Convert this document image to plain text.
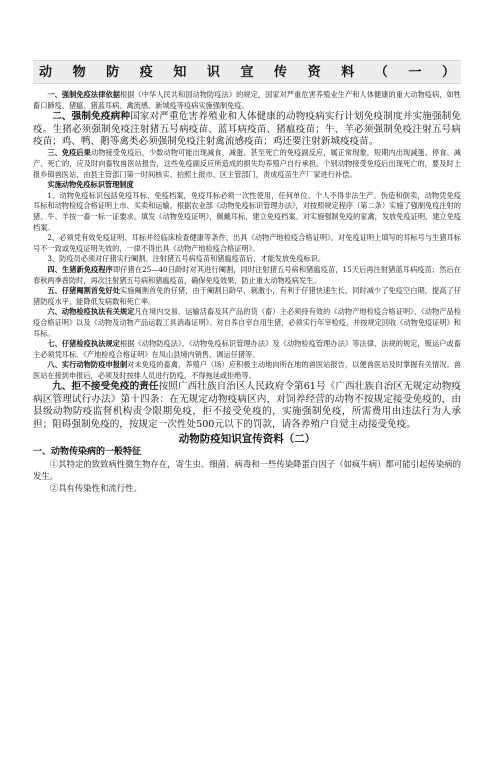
动 物 防 疫 知 识 宣 传 资 料 （ 一 ）

一、强制免疫法律依据根据《中华人民共和国动物防疫法》的规定，国家对严重危害养殖业生产和人体健康的重大动物疫病，如牲畜口蹄疫、猪瘟、猪蓝耳病、禽流感、新城疫等疫病实施强制免疫。

二、强制免疫病种国家对严重危害养殖业和人体健康的动物疫病实行计划免疫制度并实施强制免疫。生猪必须强制免疫注射猪五号病疫苗、蓝耳病疫苗、猪瘟疫苗；牛、羊必须强制免疫注射五号病疫苗；鸡、鸭、鹅等禽类必须强制免疫注射禽流感疫苗；鸡还要注射新城疫疫苗。

三、免疫后果动物接受免疫后，少数动物可能出现减食、减蛋、甚至死亡的免疫副反应，属正常现象，短期内出现减蛋、停食、减产、死亡的，应及时向畜牧兽医站报告，这些免疫副反应所造成的损失均养殖户自行承担。个别动物接受免疫后出现死亡的，要及时上报乡镇兽医站，由县主管部门第一时间核实、拍照上报市、区主管部门，责成疫苗生产厂家进行补偿。

实施动物免疫标识管理制度

1、动物免疫标识包括免疫耳标、免疫档案，免疫耳标必须一次性使用，任何单位、个人不得非法生产、伪造和倒卖，动物凭免疫耳标和动物检疫合格证明上市、买卖和运输。根据农业部《动物免疫标识管理办法》，对按照规定程序（第二条）实施了强制免疫注射的猪、牛、羊按一畜一标一证要求，填发《动物免疫证明》，佩戴耳标，建立免疫档案。对实施强制免疫的家禽，发放免疫证明，建立免疫档案。

2、必须凭有效免疫证明、耳标并经临床检查健康等条件，出具《动物产地检疫合格证明》。对免疫证明上填写的耳标号与生猪耳标号不一致或免疫证明失效的，一律不得出具《动物产地检疫合格证明》。

3、防疫员必须对仔猪实行阉割、注射猪五号病疫苗和猪瘟疫苗后，才能发放免疫标识。

四、生猪新免疫程序即仔猪在25—40日龄时对其进行阉割，同时注射猪五号病和猪瘟疫苗，15天后再注射猪蓝耳病疫苗；然后在春秋两季普防时，再次注射猪五号病和猪瘟疫苗，确保免疫效果，防止重大动物疫病发生。

五、仔猪阉割首免好处实施阉割首免的仔猪，由于阉割日龄早，刺激小，有利于仔猪快速生长，同时减少了免疫空白期，提高了仔猪防疫水平，能降低发病数和死亡率。

六、动物检疫执法有关规定凡在境内交易、运输活畜及其产品的货（畜）主必须持有效的《动物产地检疫合格证明》、《动物产品检疫合格证明》以及《动物及动物产品运载工具消毒证明》。对自养自宰自用生猪，必须实行年宰检疫，并按规定回收《动物免疫证明》和耳标。

七、仔猪检疫执法规定根据《动物防疫法》、《动物免疫标识管理办法》及《动物检疫管理办法》等法律、法规的规定，贩运户或畜主必须凭耳标、《产地检疫合格证明》在凤山县境内销售、调运仔猪等。

八、实行动物防疫申报制对未免疫的畜禽，养殖户（场）应积极主动地向所在地的兽医站报告，以便兽医站及时掌握有关情况。兽医站在接到申报后，必须及时按排人员进行防疫，不得拖延或拒绝等。

九、拒不接受免疫的责任按照广西壮族自治区人民政府令第61号《广西壮族自治区无规定动物疫病区管理试行办法》第十四条：在无规定动物疫病区内，对饲养经营的动物不按规定接受免疫的，由县级动物防疫监督机构责令限期免疫，拒不接受免疫的，实施强制免疫，所需费用由违法行为人承担；阻碍强制免疫的，按规定一次性处500元以下的罚款，请各养殖户自觉主动接受免疫。

动物防疫知识宣传资料（二）

一、动物传染病的一般特征

①其特定的致致病性微生物存在，寄生虫、细菌、病毒和一些传染降蛋白因子（如疯牛病）都可能引起传染病的发生。

②具有传染性和流行性。
